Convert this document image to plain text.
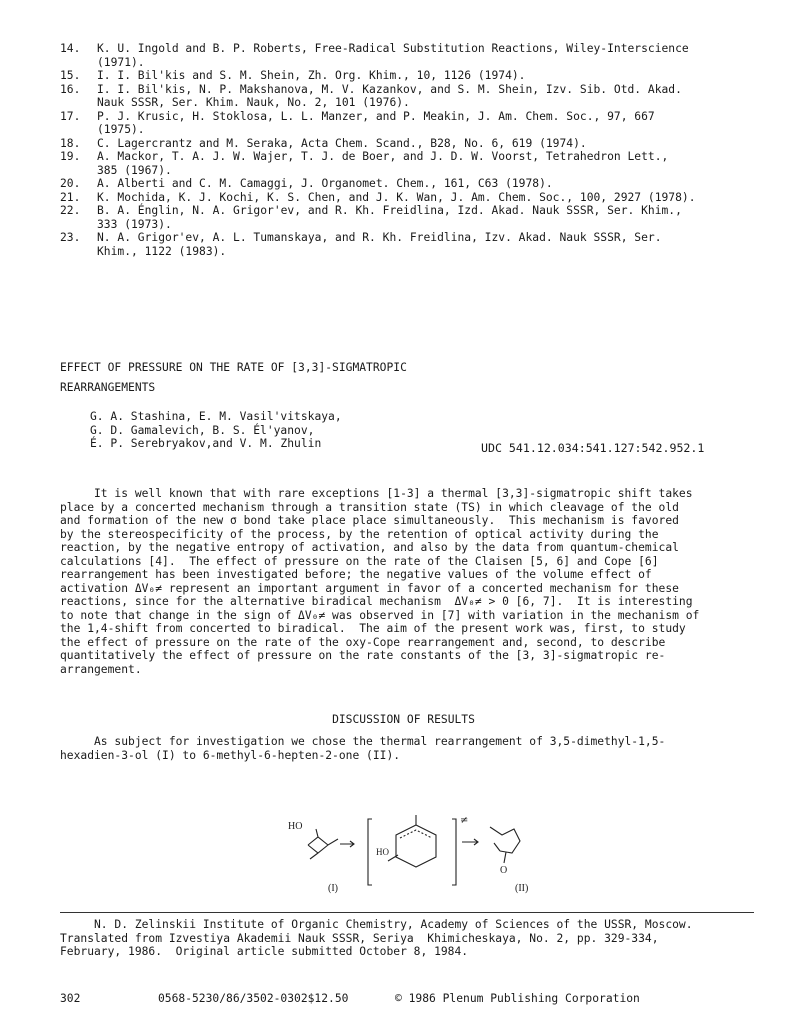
14. K. U. Ingold and B. P. Roberts, Free-Radical Substitution Reactions, Wiley-Interscience
(1971).
15. I. I. Bil'kis and S. M. Shein, Zh. Org. Khim., 10, 1126 (1974).
16. I. I. Bil'kis, N. P. Makshanova, M. V. Kazankov, and S. M. Shein, Izv. Sib. Otd. Akad.
Nauk SSSR, Ser. Khim. Nauk, No. 2, 101 (1976).
17. P. J. Krusic, H. Stoklosa, L. L. Manzer, and P. Meakin, J. Am. Chem. Soc., 97, 667
(1975).
18. C. Lagercrantz and M. Seraka, Acta Chem. Scand., B28, No. 6, 619 (1974).
19. A. Mackor, T. A. J. W. Wajer, T. J. de Boer, and J. D. W. Voorst, Tetrahedron Lett.,
385 (1967).
20. A. Alberti and C. M. Camaggi, J. Organomet. Chem., 161, C63 (1978).
21. K. Mochida, K. J. Kochi, K. S. Chen, and J. K. Wan, J. Am. Chem. Soc., 100, 2927 (1978).
22. B. A. Énglin, N. A. Grigor'ev, and R. Kh. Freidlina, Izd. Akad. Nauk SSSR, Ser. Khim.,
333 (1973).
23. N. A. Grigor'ev, A. L. Tumanskaya, and R. Kh. Freidlina, Izv. Akad. Nauk SSSR, Ser.
Khim., 1122 (1983).
EFFECT OF PRESSURE ON THE RATE OF [3,3]-SIGMATROPIC
REARRANGEMENTS
G. A. Stashina, E. M. Vasil'vitskaya,
G. D. Gamalevich, B. S. Él'yanov,
É. P. Serebryakov,and V. M. Zhulin	UDC 541.12.034:541.127:542.952.1
It is well known that with rare exceptions [1-3] a thermal [3,3]-sigmatropic shift takes
place by a concerted mechanism through a transition state (TS) in which cleavage of the old
and formation of the new σ bond take place place simultaneously.  This mechanism is favored
by the stereospecificity of the process, by the retention of optical activity during the
reaction, by the negative entropy of activation, and also by the data from quantum-chemical
calculations [4].  The effect of pressure on the rate of the Claisen [5, 6] and Cope [6]
rearrangement has been investigated before; the negative values of the volume effect of
activation ΔV₀≠ represent an important argument in favor of a concerted mechanism for these
reactions, since for the alternative biradical mechanism  ΔV₀≠ > 0 [6, 7].  It is interesting
to note that change in the sign of ΔV₀≠ was observed in [7] with variation in the mechanism of
the 1,4-shift from concerted to biradical.  The aim of the present work was, first, to study
the effect of pressure on the rate of the oxy-Cope rearrangement and, second, to describe
quantitatively the effect of pressure on the rate constants of the [3, 3]-sigmatropic re-
arrangement.
DISCUSSION OF RESULTS
As subject for investigation we chose the thermal rearrangement of 3,5-dimethyl-1,5-
hexadien-3-ol (I) to 6-methyl-6-hepten-2-one (II).
HO
HO
≠
O
(I)	(II)
N. D. Zelinskii Institute of Organic Chemistry, Academy of Sciences of the USSR, Moscow.
Translated from Izvestiya Akademii Nauk SSSR, Seriya  Khimicheskaya, No. 2, pp. 329-334,
February, 1986.  Original article submitted October 8, 1984.
302	0568-5230/86/3502-0302$12.50	© 1986 Plenum Publishing Corporation
